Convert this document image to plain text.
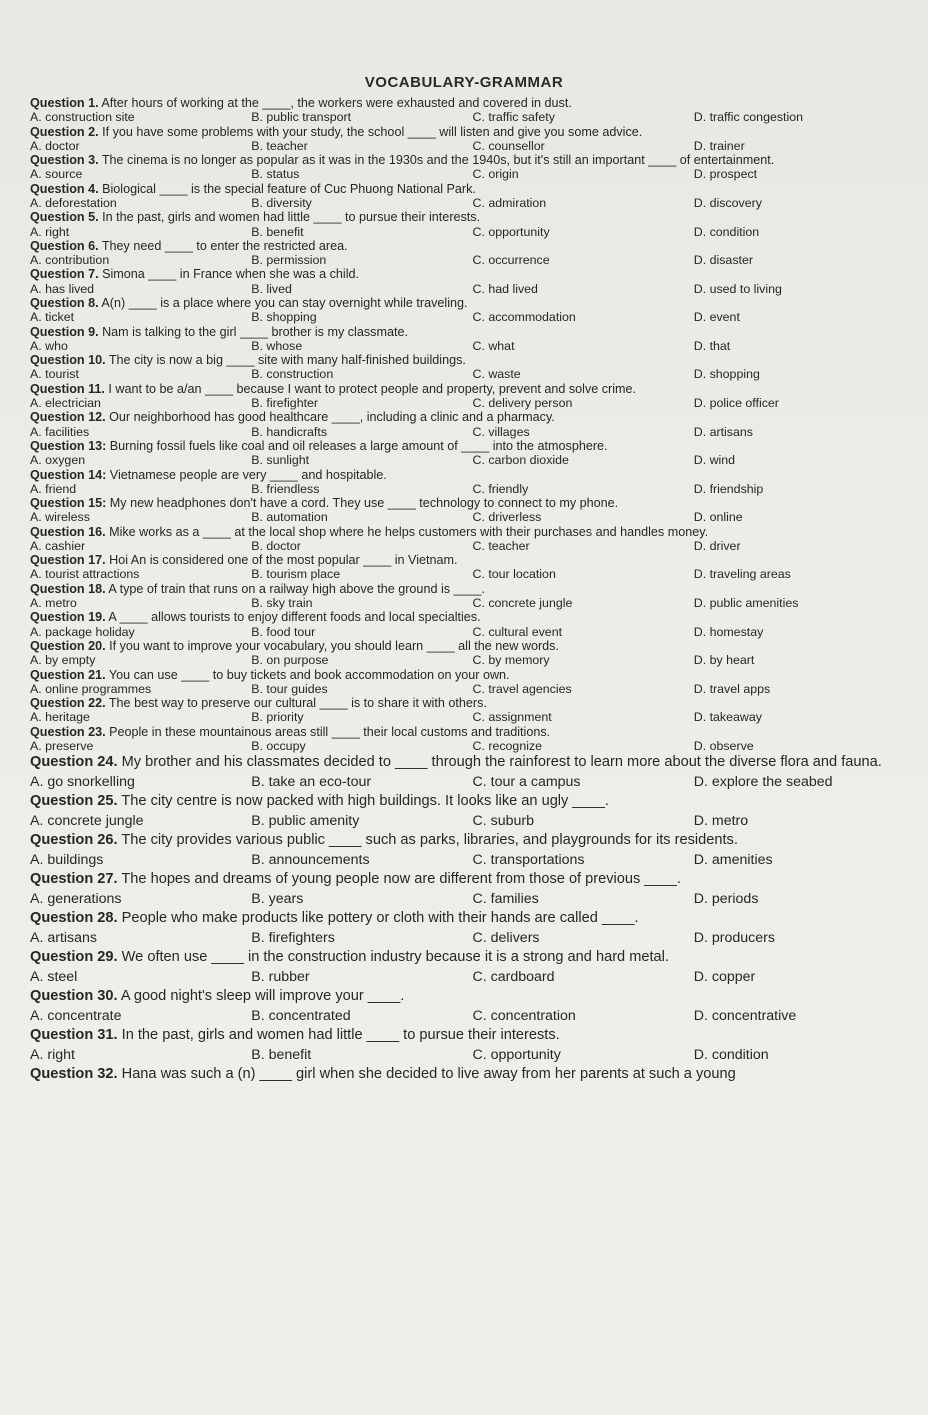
VOCABULARY-GRAMMAR
Question 1. After hours of working at the ____, the workers were exhausted and covered in dust.
A. construction site	B. public transport	C. traffic safety	D. traffic congestion
Question 2. If you have some problems with your study, the school ____ will listen and give you some advice.
A. doctor	B. teacher	C. counsellor	D. trainer
Question 3. The cinema is no longer as popular as it was in the 1930s and the 1940s, but it's still an important ____ of entertainment.
A. source	B. status	C. origin	D. prospect
Question 4. Biological ____ is the special feature of Cuc Phuong National Park.
A. deforestation	B. diversity	C. admiration	D. discovery
Question 5. In the past, girls and women had little ____ to pursue their interests.
A. right	B. benefit	C. opportunity	D. condition
Question 6. They need ____ to enter the restricted area.
A. contribution	B. permission	C. occurrence	D. disaster
Question 7. Simona ____ in France when she was a child.
A. has lived	B. lived	C. had lived	D. used to living
Question 8. A(n) ____ is a place where you can stay overnight while traveling.
A. ticket	B. shopping	C. accommodation	D. event
Question 9. Nam is talking to the girl ____ brother is my classmate.
A. who	B. whose	C. what	D. that
Question 10. The city is now a big ____ site with many half-finished buildings.
A. tourist	B. construction	C. waste	D. shopping
Question 11. I want to be a/an ____ because I want to protect people and property, prevent and solve crime.
A. electrician	B. firefighter	C. delivery person	D. police officer
Question 12. Our neighborhood has good healthcare ____, including a clinic and a pharmacy.
A. facilities	B. handicrafts	C. villages	D. artisans
Question 13: Burning fossil fuels like coal and oil releases a large amount of ____ into the atmosphere.
A. oxygen	B. sunlight	C. carbon dioxide	D. wind
Question 14: Vietnamese people are very ____ and hospitable.
A. friend	B. friendless	C. friendly	D. friendship
Question 15: My new headphones don't have a cord. They use ____ technology to connect to my phone.
A. wireless	B. automation	C. driverless	D. online
Question 16. Mike works as a ____ at the local shop where he helps customers with their purchases and handles money.
A. cashier	B. doctor	C. teacher	D. driver
Question 17. Hoi An is considered one of the most popular ____ in Vietnam.
A. tourist attractions	B. tourism place	C. tour location	D. traveling areas
Question 18. A type of train that runs on a railway high above the ground is ____.
A. metro	B. sky train	C. concrete jungle	D. public amenities
Question 19. A ____ allows tourists to enjoy different foods and local specialties.
A. package holiday	B. food tour	C. cultural event	D. homestay
Question 20. If you want to improve your vocabulary, you should learn ____ all the new words.
A. by empty	B. on purpose	C. by memory	D. by heart
Question 21. You can use ____ to buy tickets and book accommodation on your own.
A. online programmes	B. tour guides	C. travel agencies	D. travel apps
Question 22. The best way to preserve our cultural ____ is to share it with others.
A. heritage	B. priority	C. assignment	D. takeaway
Question 23. People in these mountainous areas still ____ their local customs and traditions.
A. preserve	B. occupy	C. recognize	D. observe
Question 24. My brother and his classmates decided to ____ through the rainforest to learn more about the diverse flora and fauna.
A. go snorkelling	B. take an eco-tour	C. tour a campus	D. explore the seabed
Question 25. The city centre is now packed with high buildings. It looks like an ugly ____.
A. concrete jungle	B. public amenity	C. suburb	D. metro
Question 26. The city provides various public ____ such as parks, libraries, and playgrounds for its residents.
A. buildings	B. announcements	C. transportations	D. amenities
Question 27. The hopes and dreams of young people now are different from those of previous ____.
A. generations	B. years	C. families	D. periods
Question 28. People who make products like pottery or cloth with their hands are called ____.
A. artisans	B. firefighters	C. delivers	D. producers
Question 29. We often use ____ in the construction industry because it is a strong and hard metal.
A. steel	B. rubber	C. cardboard	D. copper
Question 30. A good night's sleep will improve your ____.
A. concentrate	B. concentrated	C. concentration	D. concentrative
Question 31. In the past, girls and women had little ____ to pursue their interests.
A. right	B. benefit	C. opportunity	D. condition
Question 32. Hana was such a (n) ____ girl when she decided to live away from her parents at such a young
